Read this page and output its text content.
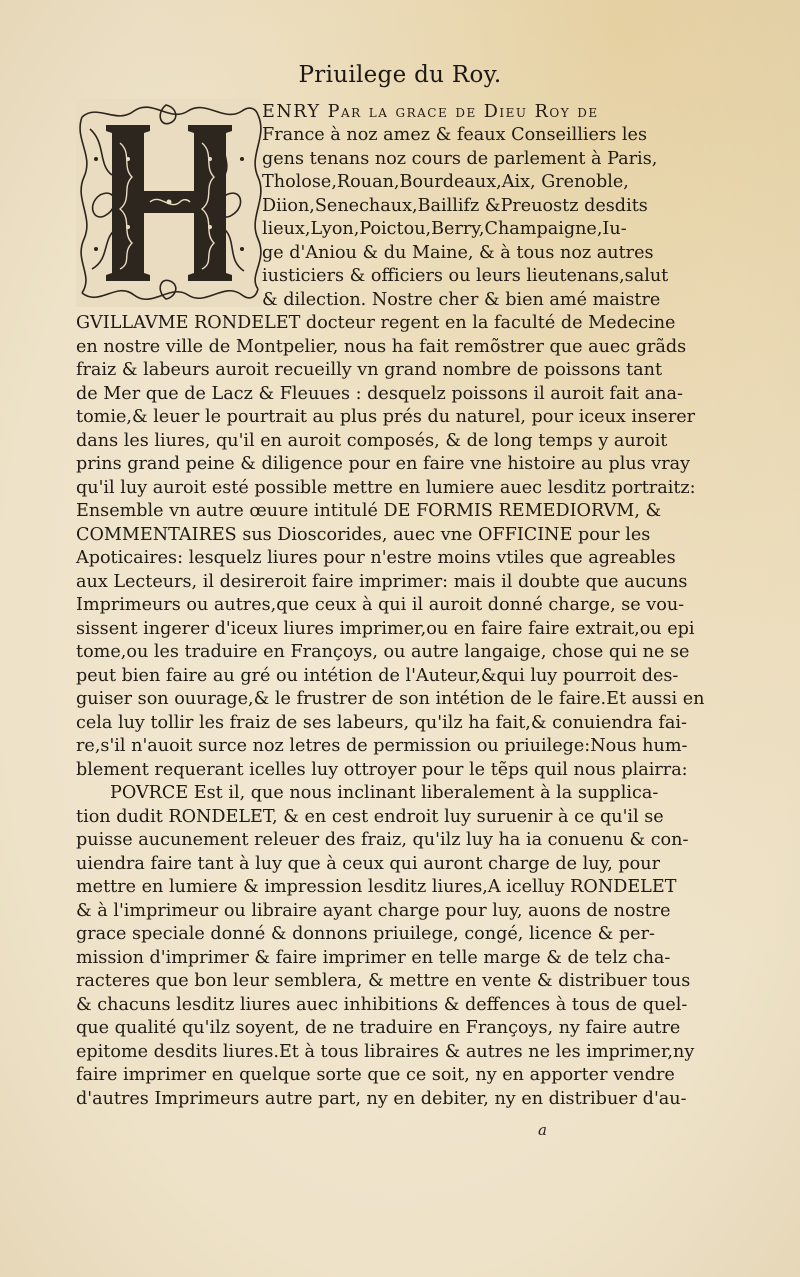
Priuilege du Roy.
ENRY Par la grace de Dieu Roy de
France à noz amez & feaux Conseilliers les
gens tenans noz cours de parlement à Paris,
Tholose,Rouan,Bourdeaux,Aix, Grenoble,
Diion,Senechaux,Baillifz &Preuostz desdits
lieux,Lyon,Poictou,Berry,Champaigne,Iu-
ge d'Aniou & du Maine, & à tous noz autres
iusticiers & officiers ou leurs lieutenans,salut
& dilection. Nostre cher & bien amé maistre
GVILLAVME RONDELET docteur regent en la faculté de Medecine
en nostre ville de Montpelier, nous ha fait remõstrer que auec grãds
fraiz & labeurs auroit recueilly vn grand nombre de poissons tant
de Mer que de Lacz & Fleuues : desquelz poissons il auroit fait ana-
tomie,& leuer le pourtrait au plus prés du naturel, pour iceux inserer
dans les liures, qu'il en auroit composés, & de long temps y auroit
prins grand peine & diligence pour en faire vne histoire au plus vray
qu'il luy auroit esté possible mettre en lumiere auec lesditz portraitz:
Ensemble vn autre œuure intitulé DE FORMIS REMEDIORVM, &
COMMENTAIRES sus Dioscorides, auec vne OFFICINE pour les
Apoticaires: lesquelz liures pour n'estre moins vtiles que agreables
aux Lecteurs, il desireroit faire imprimer: mais il doubte que aucuns
Imprimeurs ou autres,que ceux à qui il auroit donné charge, se vou-
sissent ingerer d'iceux liures imprimer,ou en faire faire extrait,ou epi
tome,ou les traduire en Françoys, ou autre langaige, chose qui ne se
peut bien faire au gré ou intétion de l'Auteur,&qui luy pourroit des-
guiser son ouurage,& le frustrer de son intétion de le faire.Et aussi en
cela luy tollir les fraiz de ses labeurs, qu'ilz ha fait,& conuiendra fai-
re,s'il n'auoit surce noz letres de permission ou priuilege:Nous hum-
blement requerant icelles luy ottroyer pour le tẽps quil nous plairra:
POVRCE Est il, que nous inclinant liberalement à la supplica-
tion dudit RONDELET, & en cest endroit luy suruenir à ce qu'il se
puisse aucunement releuer des fraiz, qu'ilz luy ha ia conuenu & con-
uiendra faire tant à luy que à ceux qui auront charge de luy, pour
mettre en lumiere & impression lesditz liures,A icelluy RONDELET
& à l'imprimeur ou libraire ayant charge pour luy, auons de nostre
grace speciale donné & donnons priuilege, congé, licence & per-
mission d'imprimer & faire imprimer en telle marge & de telz cha-
racteres que bon leur semblera, & mettre en vente & distribuer tous
& chacuns lesditz liures auec inhibitions & deffences à tous de quel-
que qualité qu'ilz soyent, de ne traduire en Françoys, ny faire autre
epitome desdits liures.Et à tous libraires & autres ne les imprimer,ny
faire imprimer en quelque sorte que ce soit, ny en apporter vendre
d'autres Imprimeurs autre part, ny en debiter, ny en distribuer d'au-
a
